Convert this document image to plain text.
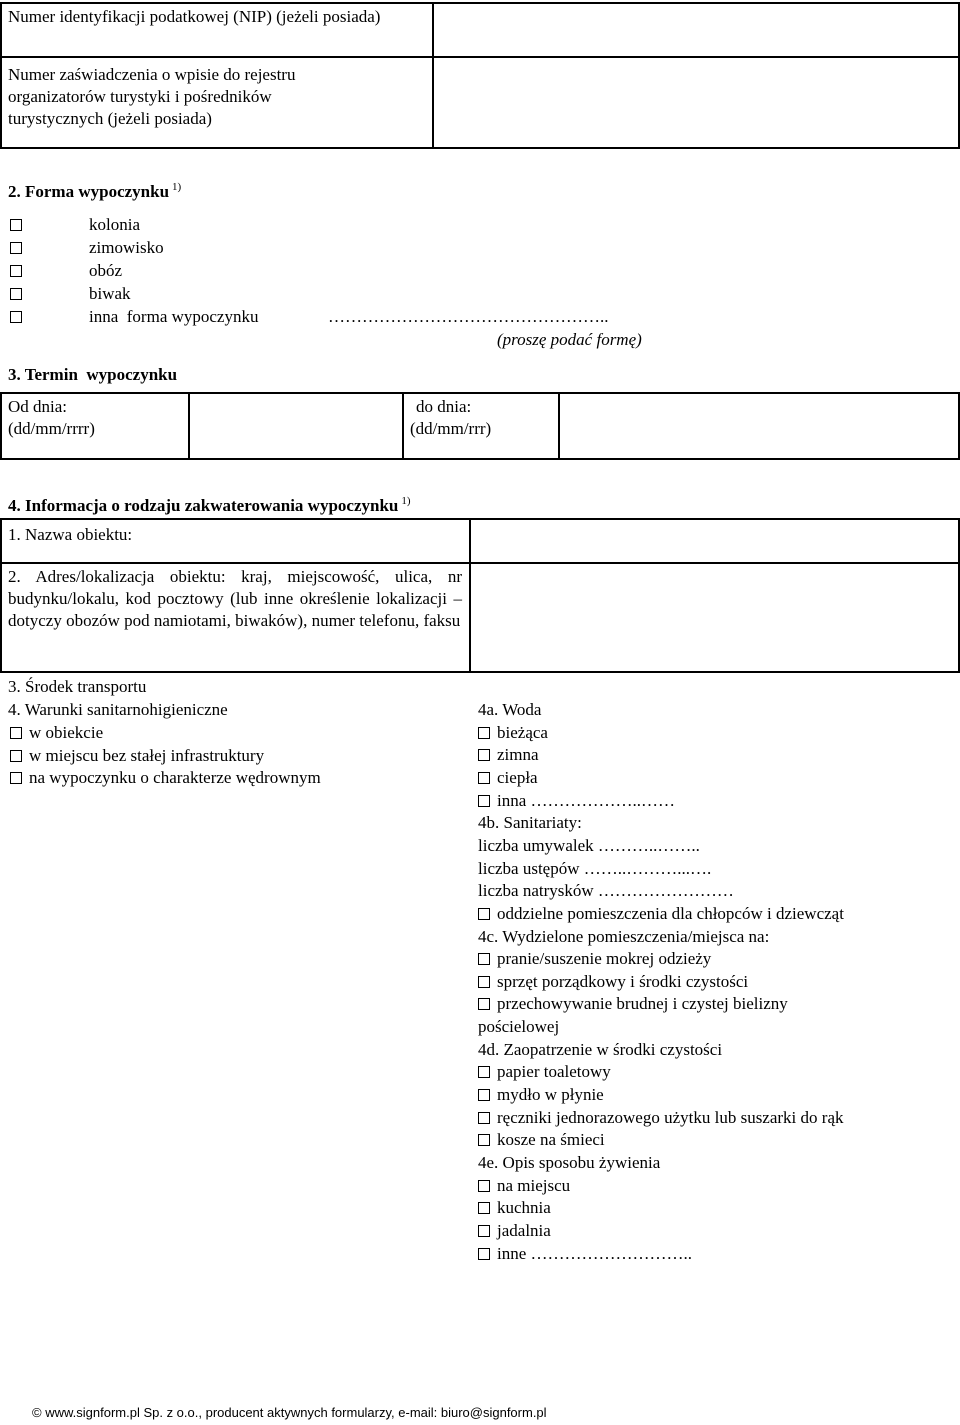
Numer identyfikacji podatkowej (NIP) (jeżeli posiada)
Numer zaświadczenia o wpisie do rejestru organizatorów turystyki i pośredników turystycznych (jeżeli posiada)
2. Forma wypoczynku $^{1)}$
kolonia
zimowisko
obóz
biwak
inna  forma wypoczynku	…………………………………………..
(proszę podać formę)
3. Termin  wypoczynku
Od dnia:
(dd/mm/rrrr)
do dnia:
(dd/mm/rrr)
4. Informacja o rodzaju zakwaterowania wypoczynku $^{1)}$
1. Nazwa obiektu:
2. Adres/lokalizacja obiektu: kraj, miejscowość, ulica, nr budynku/lokalu, kod pocztowy (lub inne określenie lokalizacji – dotyczy obozów pod namiotami, biwaków), numer telefonu, faksu
3. Środek transportu
4. Warunki sanitarnohigieniczne
w obiekcie
w miejscu bez stałej infrastruktury
na wypoczynku o charakterze wędrownym
4a. Woda
bieżąca
zimna
ciepła
inna ………………..……
4b. Sanitariaty:
liczba umywalek ………..……..
liczba ustępów ……..………...….
liczba natrysków ……………………
oddzielne pomieszczenia dla chłopców i dziewcząt
4c. Wydzielone pomieszczenia/miejsca na:
pranie/suszenie mokrej odzieży
sprzęt porządkowy i środki czystości
przechowywanie brudnej i czystej bielizny
pościelowej
4d. Zaopatrzenie w środki czystości
papier toaletowy
mydło w płynie
ręczniki jednorazowego użytku lub suszarki do rąk
kosze na śmieci
4e. Opis sposobu żywienia
na miejscu
kuchnia
jadalnia
inne ………………………..
© www.signform.pl Sp. z o.o., producent aktywnych formularzy, e-mail: biuro@signform.pl
